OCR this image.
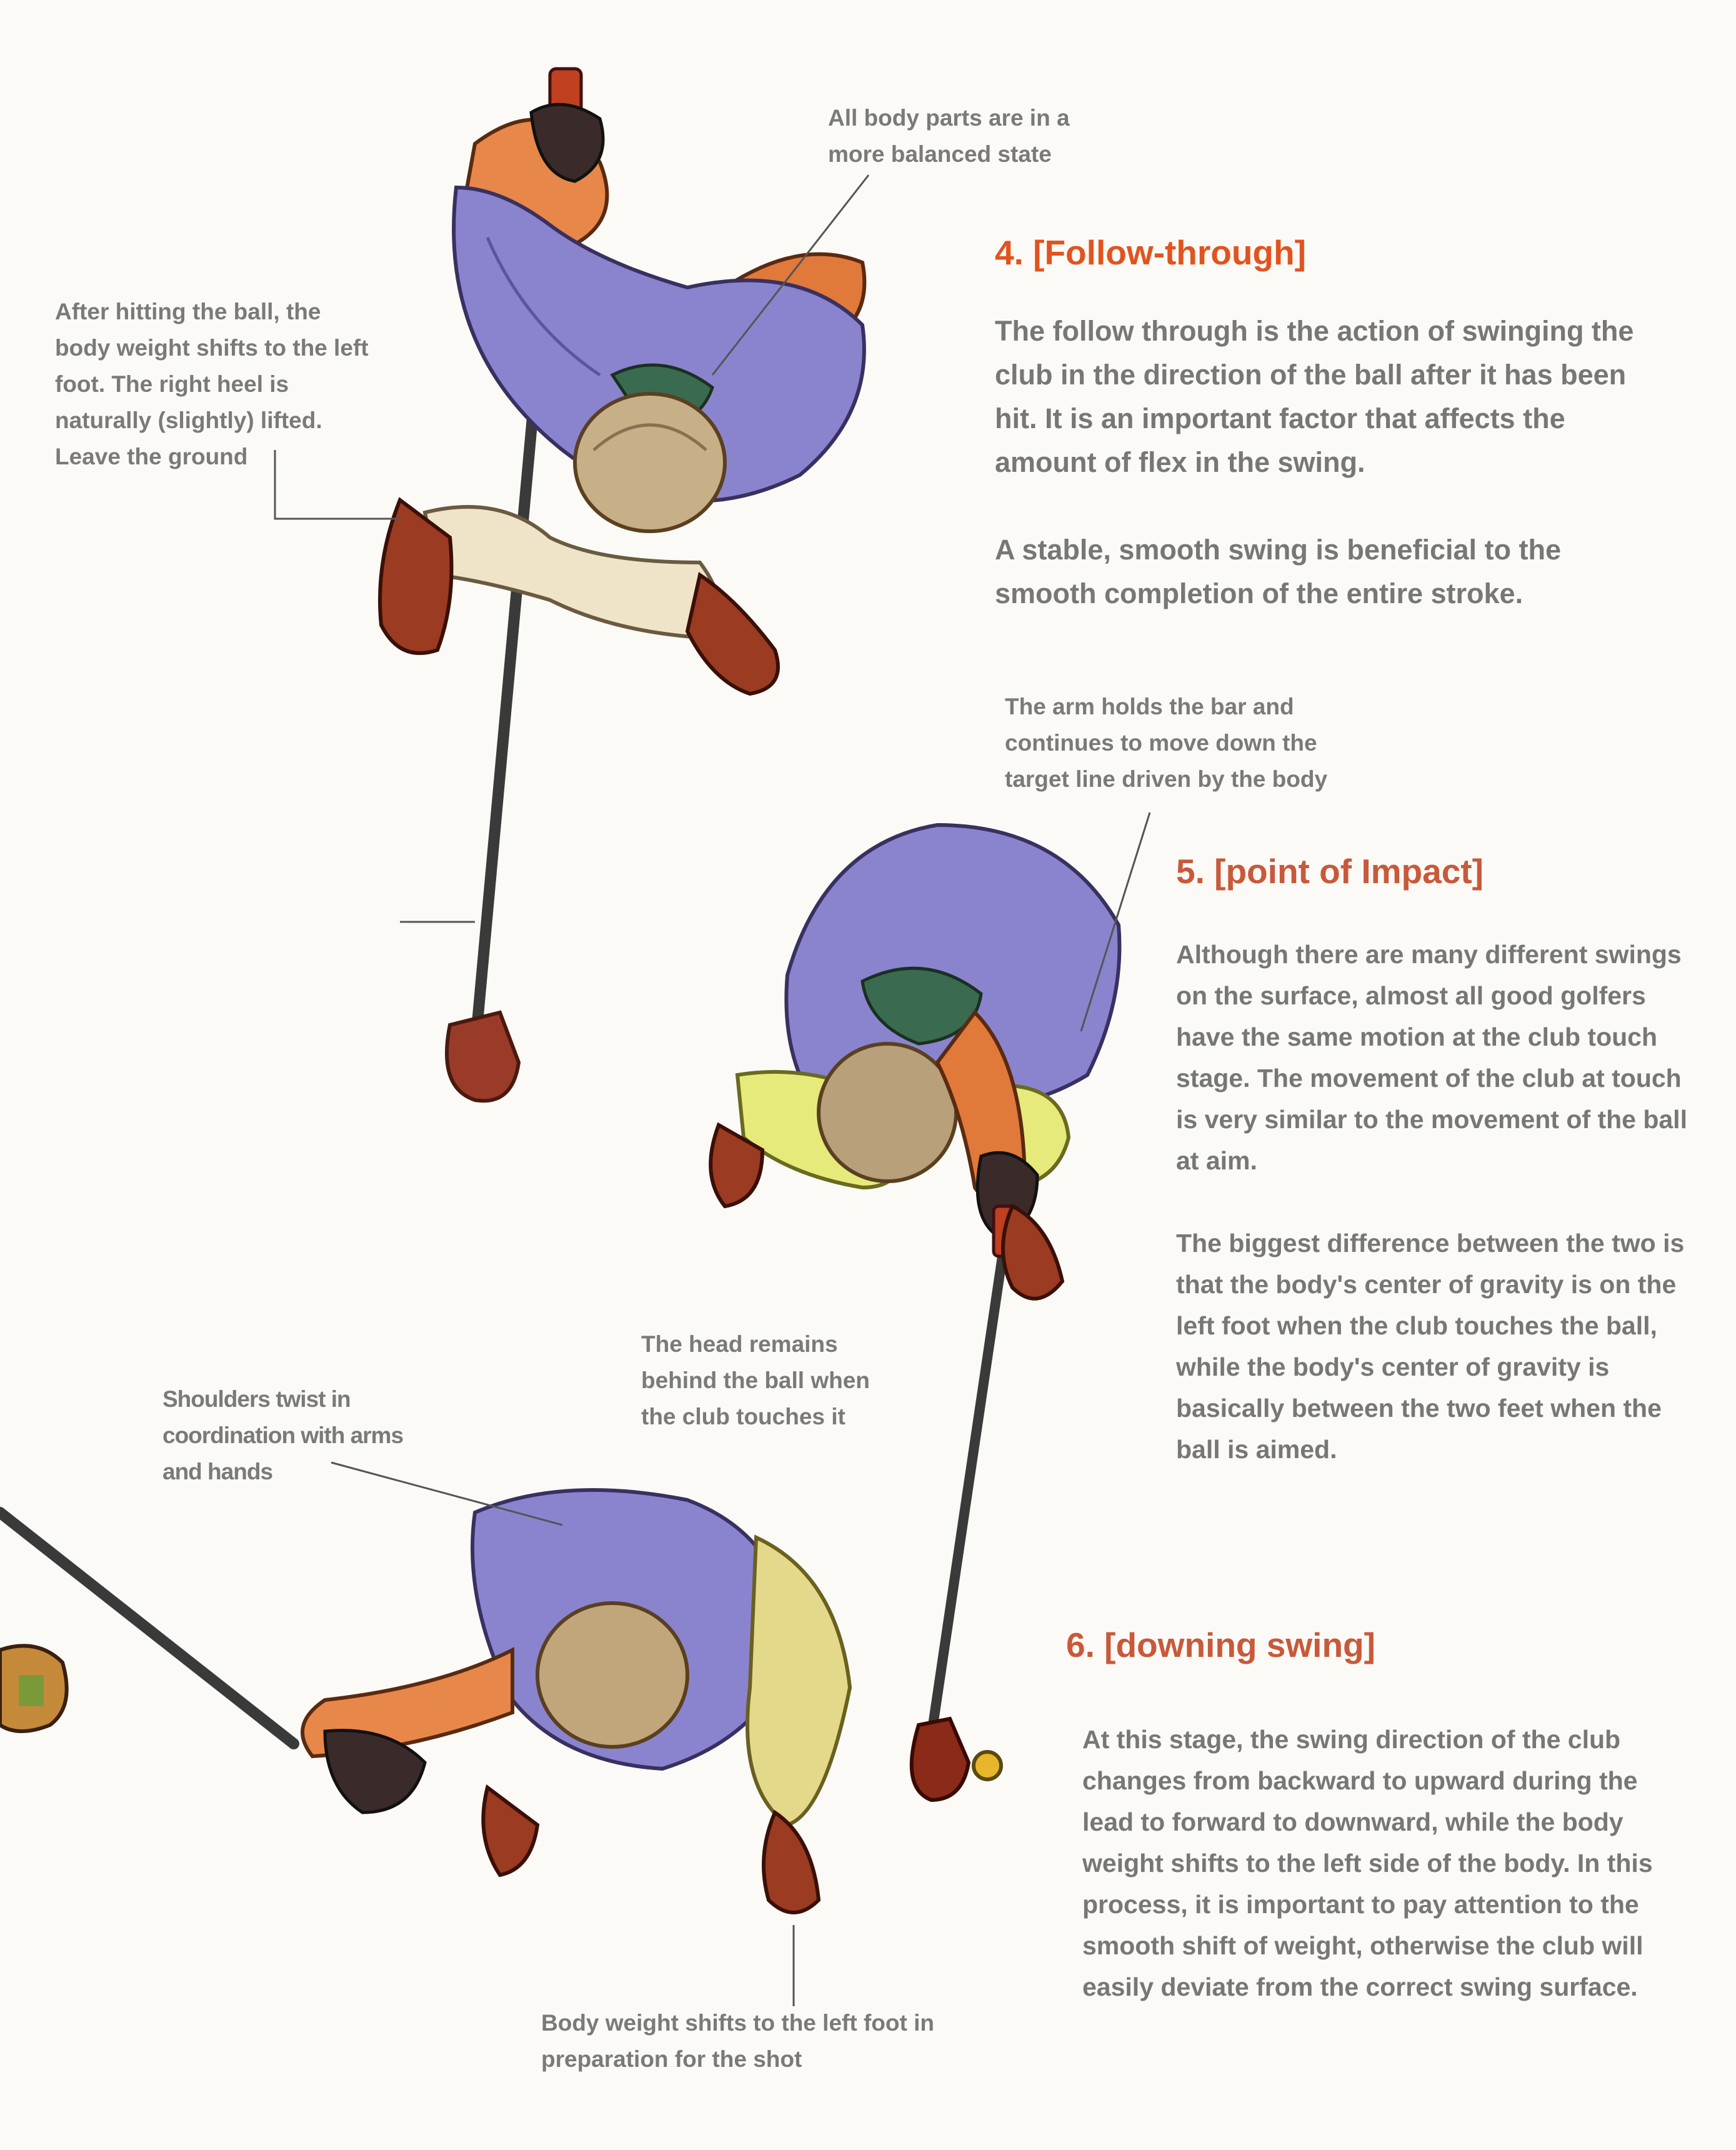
All body parts are in a more balanced state
After hitting the ball, the body weight shifts to the left foot. The right heel is naturally (slightly) lifted. Leave the ground
The arm holds the bar and continues to move down the target line driven by the body
The head remains behind the ball when the club touches it
Shoulders twist in coordination with arms and hands
Body weight shifts to the left foot in preparation for the shot
4. [Follow-through]

The follow through is the action of swinging the club in the direction of the ball after it has been hit. It is an important factor that affects the amount of flex in the swing.

A stable, smooth swing is beneficial to the smooth completion of the entire stroke.

5. [point of Impact]

Although there are many different swings on the surface, almost all good golfers have the same motion at the club touch stage. The movement of the club at touch is very similar to the movement of the ball at aim.

The biggest difference between the two is that the body's center of gravity is on the left foot when the club touches the ball, while the body's center of gravity is basically between the two feet when the ball is aimed.

6. [downing swing]

At this stage, the swing direction of the club changes from backward to upward during the lead to forward to downward, while the body weight shifts to the left side of the body. In this process, it is important to pay attention to the smooth shift of weight, otherwise the club will easily deviate from the correct swing surface.
